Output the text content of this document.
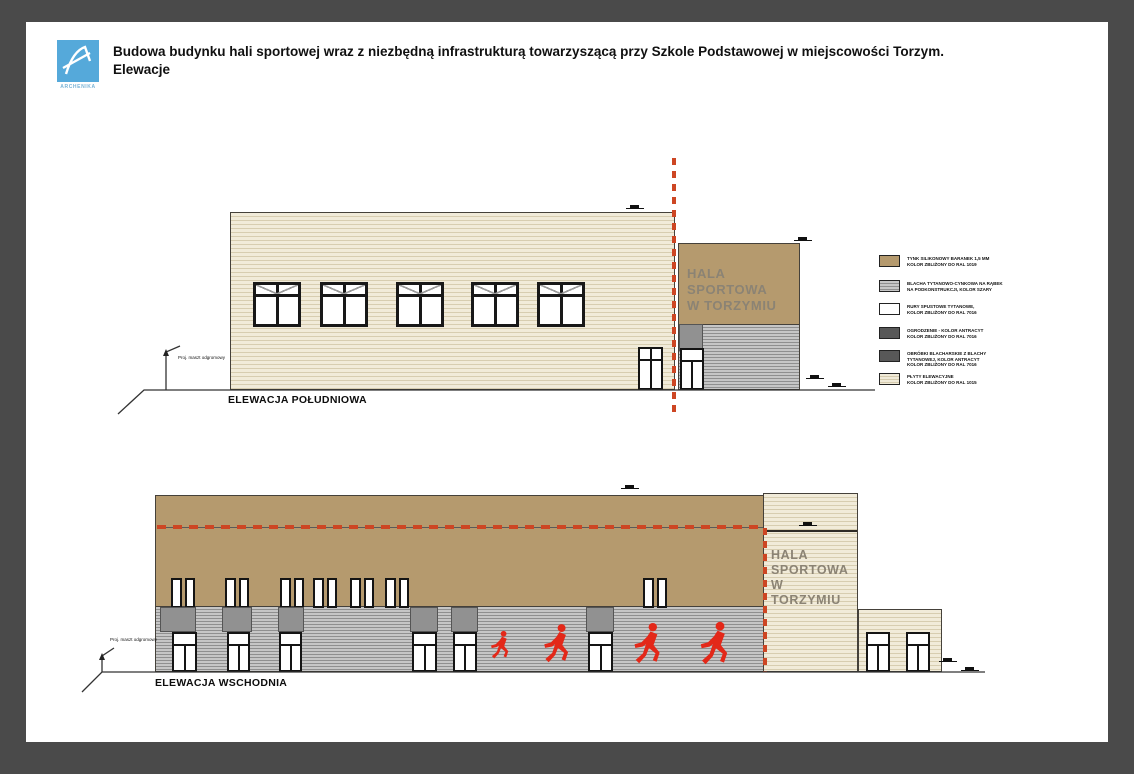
ARCHENIKA
Budowa budynku hali sportowej wraz z niezbędną infrastrukturą towarzyszącą przy Szkole Podstawowej w miejscowości Torzym.
Elewacje
HALA
SPORTOWA
W TORZYMIU
ELEWACJA POŁUDNIOWA
Proj. maszt odgromowy
HALA
SPORTOWA
W TORZYMIU
ELEWACJA WSCHODNIA
Proj. maszt odgromowy
TYNK SILIKONOWY BARANEK 1,5 MM
KOLOR ZBLIŻONY DO RAL 1019
BLACHA TYTANOWO-CYNKOWA NA RĄBEK
NA PODKONSTRUKCJI, KOLOR SZARY
RURY SPUSTOWE TYTANOWE,
KOLOR ZBLIŻONY DO RAL 7016
OGRODZENIE - KOLOR ANTRACYT
KOLOR ZBLIŻONY DO RAL 7016
OBRÓBKI BLACHARSKIE Z BLACHY
TYTANOWEJ, KOLOR ANTRACYT
KOLOR ZBLIŻONY DO RAL 7016
PŁYTY ELEWACYJNE
KOLOR ZBLIŻONY DO RAL 1015
